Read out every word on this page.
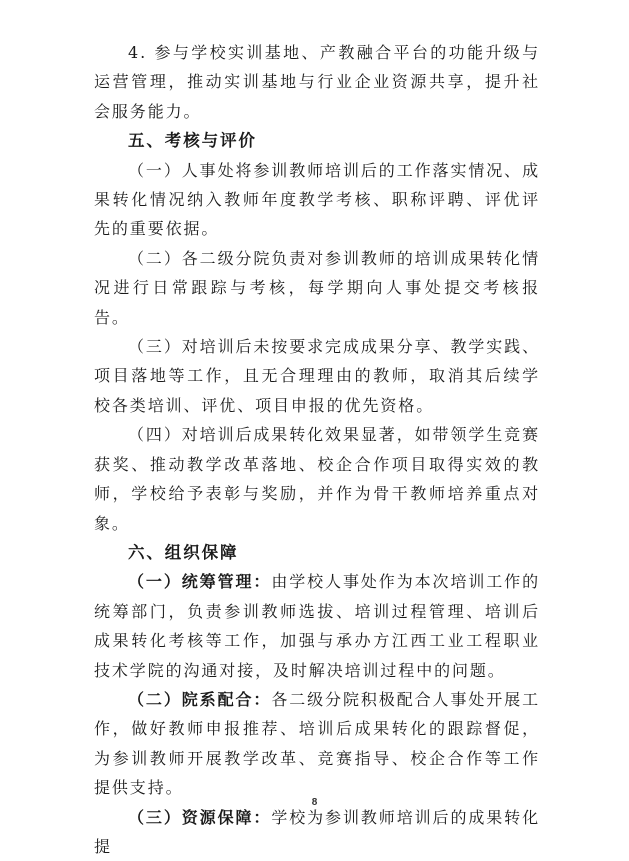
4. 参与学校实训基地、产教融合平台的功能升级与运营管理，推动实训基地与行业企业资源共享，提升社会服务能力。

五、考核与评价

（一）人事处将参训教师培训后的工作落实情况、成果转化情况纳入教师年度教学考核、职称评聘、评优评先的重要依据。

（二）各二级分院负责对参训教师的培训成果转化情况进行日常跟踪与考核，每学期向人事处提交考核报告。

（三）对培训后未按要求完成成果分享、教学实践、项目落地等工作，且无合理理由的教师，取消其后续学校各类培训、评优、项目申报的优先资格。

（四）对培训后成果转化效果显著，如带领学生竞赛获奖、推动教学改革落地、校企合作项目取得实效的教师，学校给予表彰与奖励，并作为骨干教师培养重点对象。

六、组织保障

（一）统筹管理：由学校人事处作为本次培训工作的统筹部门，负责参训教师选拔、培训过程管理、培训后成果转化考核等工作，加强与承办方江西工业工程职业技术学院的沟通对接，及时解决培训过程中的问题。

（二）院系配合：各二级分院积极配合人事处开展工作，做好教师申报推荐、培训后成果转化的跟踪督促，为参训教师开展教学改革、竞赛指导、校企合作等工作提供支持。

（三）资源保障：学校为参训教师培训后的成果转化提

8
